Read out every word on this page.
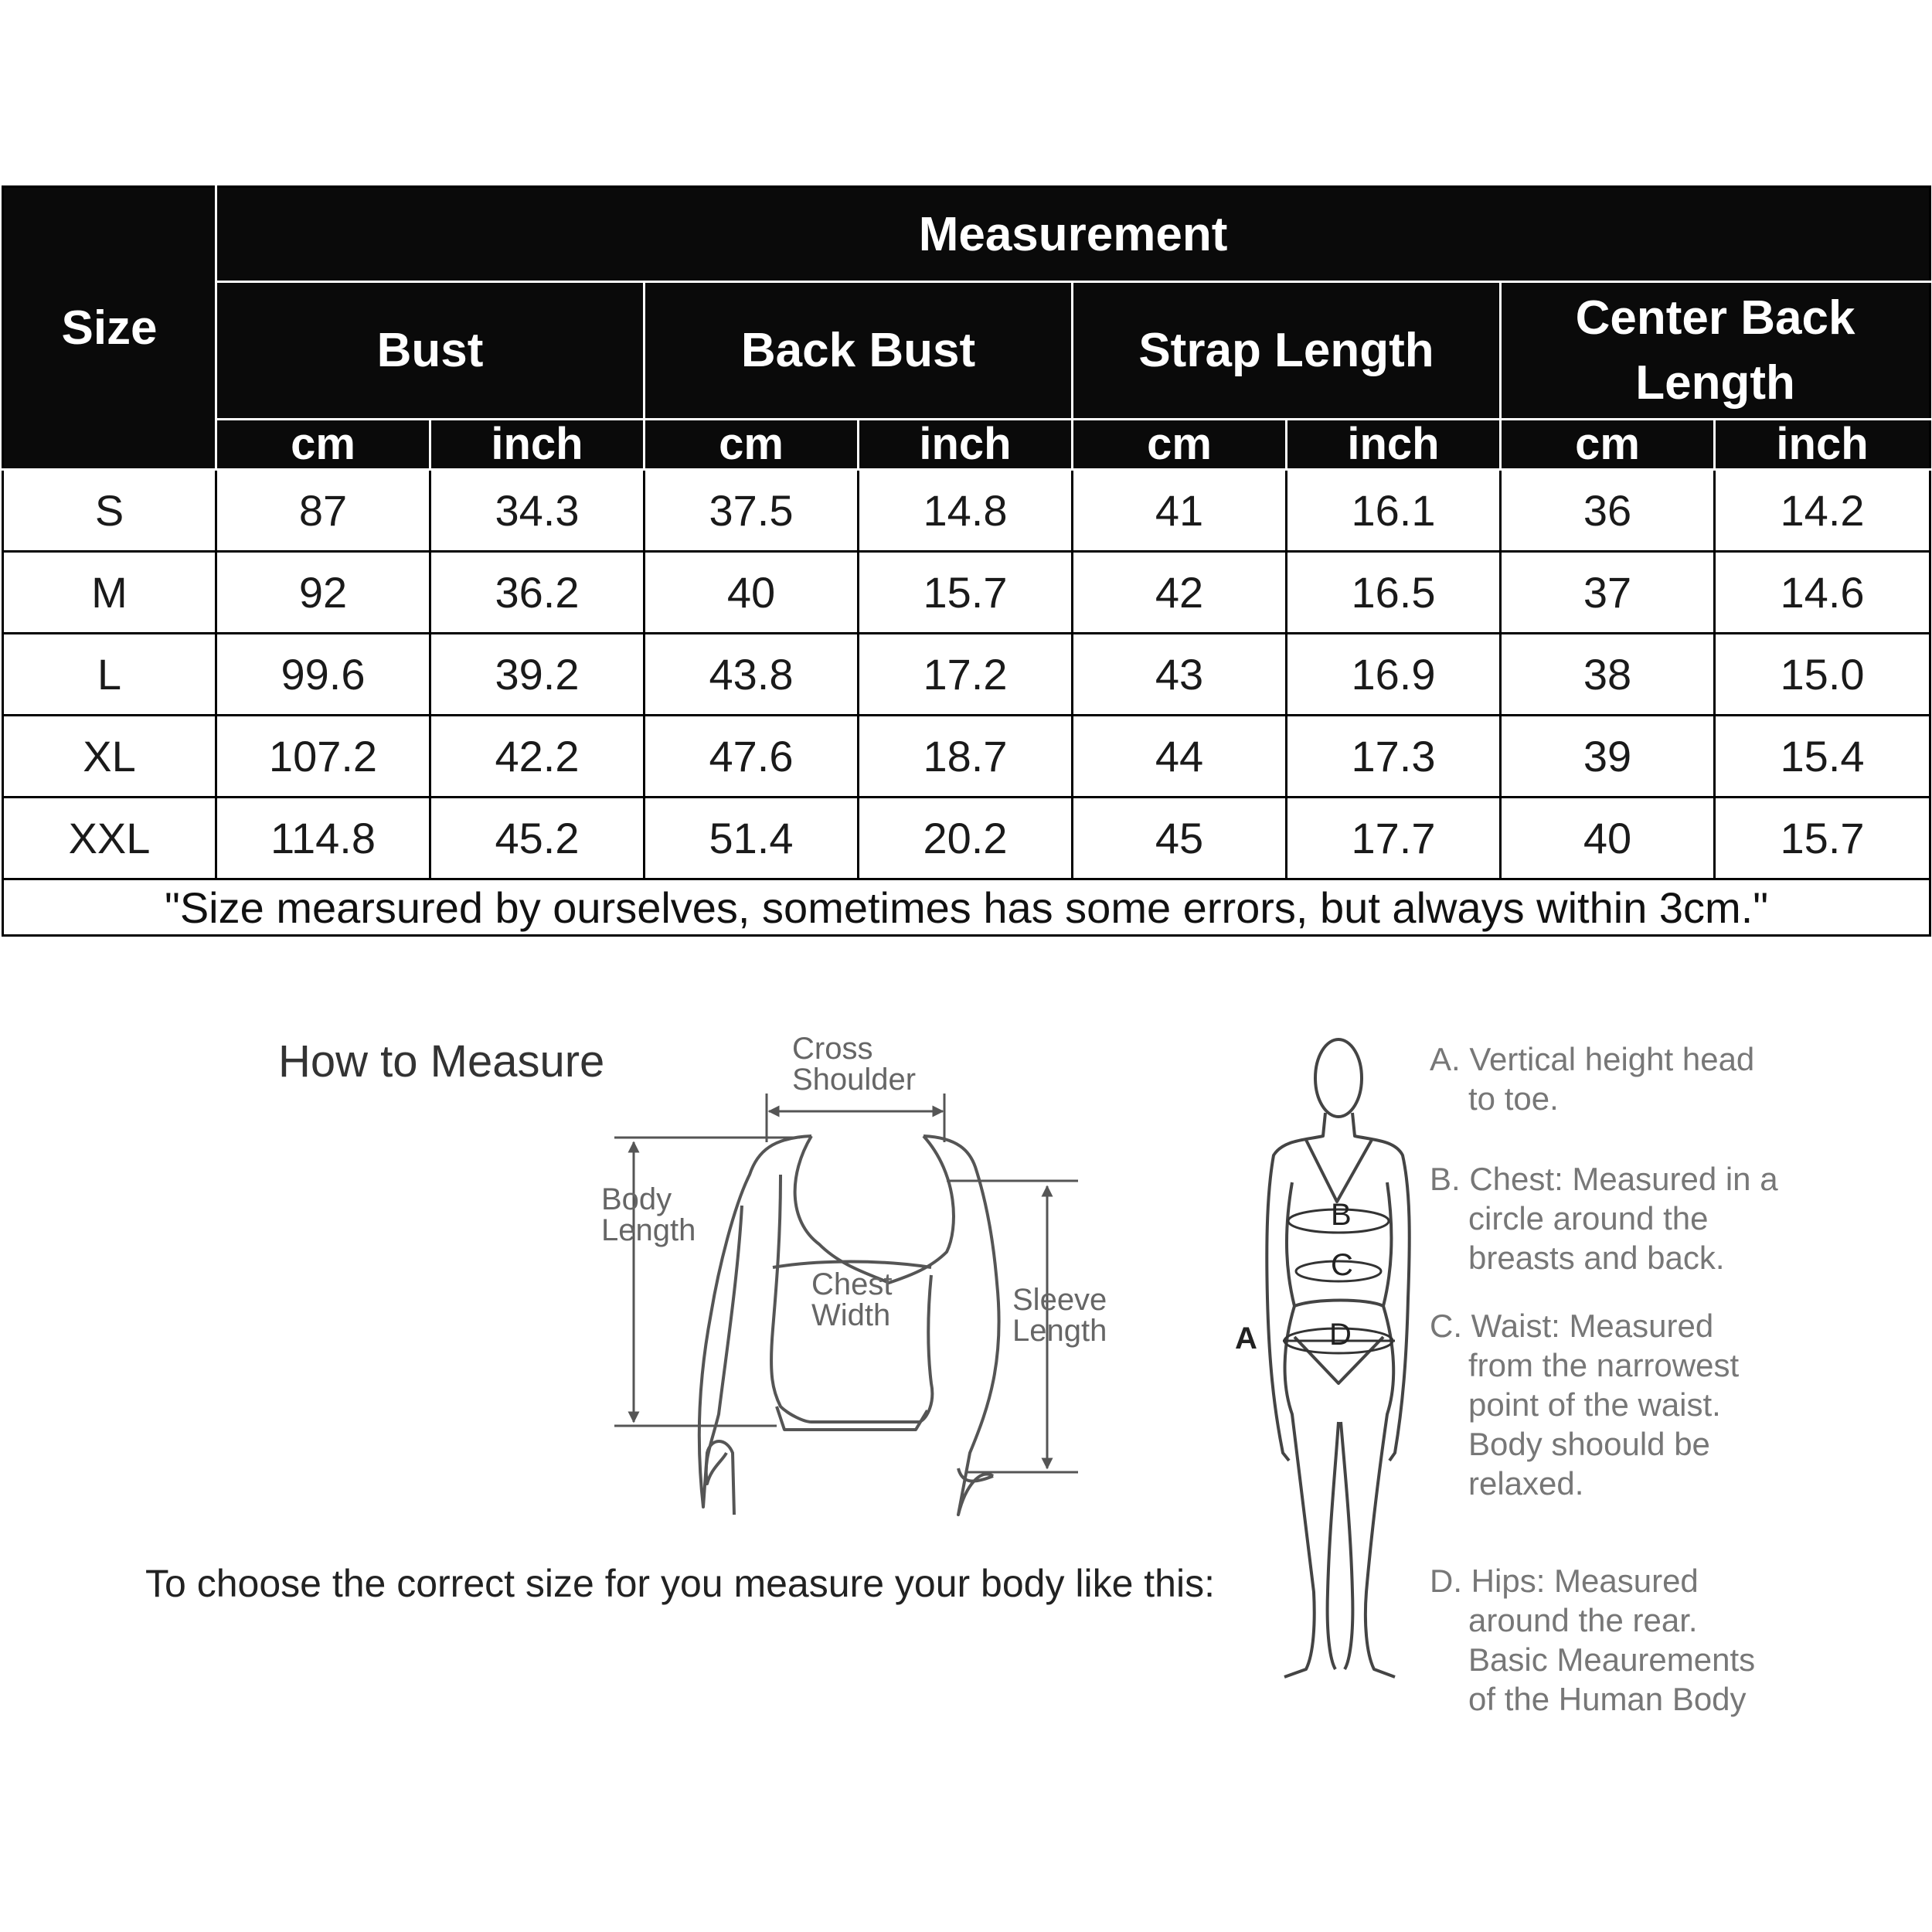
Size	Measurement							
	Bust		Back Bust		Strap Length		Center Back Length	
	cm	inch	cm	inch	cm	inch	cm	inch
S	87	34.3	37.5	14.8	41	16.1	36	14.2
M	92	36.2	40	15.7	42	16.5	37	14.6
L	99.6	39.2	43.8	17.2	43	16.9	38	15.0
XL	107.2	42.2	47.6	18.7	44	17.3	39	15.4
XXL	114.8	45.2	51.4	20.2	45	17.7	40	15.7
"Size mearsured by ourselves, sometimes has some errors, but always within 3cm."								
How to Measure
To choose the correct size for you measure your body like this:
Cross
Shoulder
Body
Length
Chest
Width	Sleeve
Length
B
C
D
A
A. Vertical height head
to toe.
B. Chest: Measured in a
circle around the
breasts and back.
C. Waist: Measured
from the narrowest
point of the waist.
Body shoould be
relaxed.
D. Hips: Measured
around the rear.
Basic Meaurements
of the Human Body
